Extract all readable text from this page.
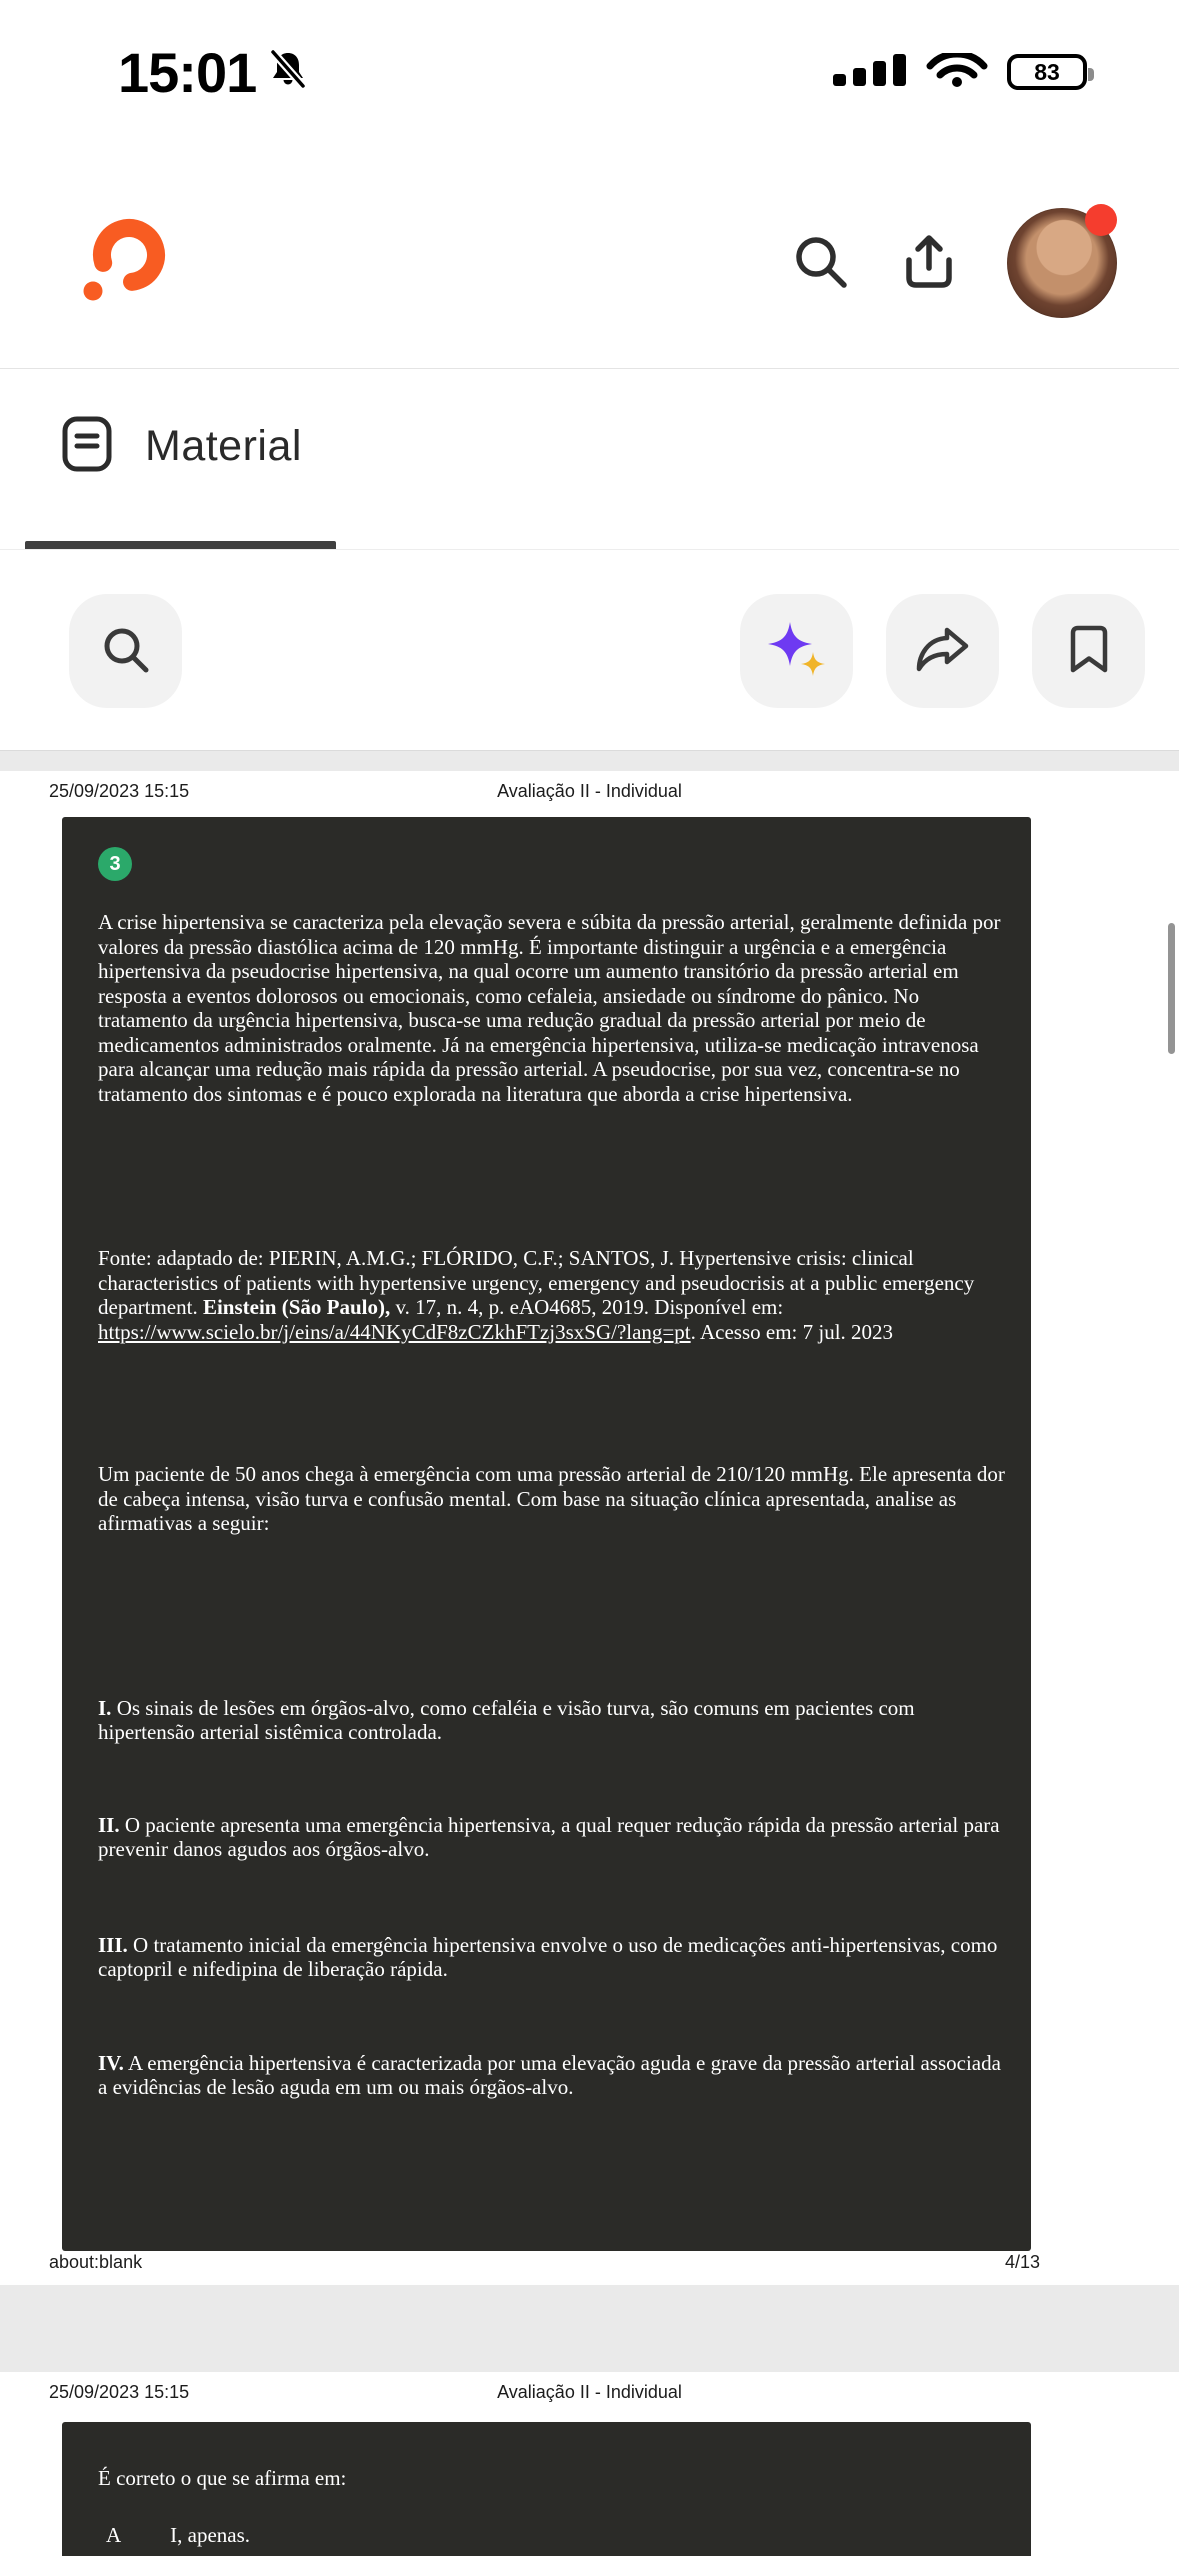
15:01	83
Material
25/09/2023 15:15	Avaliação II - Individual
3

A crise hipertensiva se caracteriza pela elevação severa e súbita da pressão arterial, geralmente definida por valores da pressão diastólica acima de 120 mmHg. É importante distinguir a urgência e a emergência hipertensiva da pseudocrise hipertensiva, na qual ocorre um aumento transitório da pressão arterial em resposta a eventos dolorosos ou emocionais, como cefaleia, ansiedade ou síndrome do pânico. No tratamento da urgência hipertensiva, busca-se uma redução gradual da pressão arterial por meio de medicamentos administrados oralmente. Já na emergência hipertensiva, utiliza-se medicação intravenosa para alcançar uma redução mais rápida da pressão arterial. A pseudocrise, por sua vez, concentra-se no tratamento dos sintomas e é pouco explorada na literatura que aborda a crise hipertensiva.

Fonte: adaptado de: PIERIN, A.M.G.; FLÓRIDO, C.F.; SANTOS, J. Hypertensive crisis: clinical characteristics of patients with hypertensive urgency, emergency and pseudocrisis at a public emergency department. Einstein (São Paulo), v. 17, n. 4, p. eAO4685, 2019. Disponível em: https://www.scielo.br/j/eins/a/44NKyCdF8zCZkhFTzj3sxSG/?lang=pt. Acesso em: 7 jul. 2023

Um paciente de 50 anos chega à emergência com uma pressão arterial de 210/120 mmHg. Ele apresenta dor de cabeça intensa, visão turva e confusão mental. Com base na situação clínica apresentada, analise as afirmativas a seguir:

I. Os sinais de lesões em órgãos-alvo, como cefaléia e visão turva, são comuns em pacientes com hipertensão arterial sistêmica controlada.

II. O paciente apresenta uma emergência hipertensiva, a qual requer redução rápida da pressão arterial para prevenir danos agudos aos órgãos-alvo.

III. O tratamento inicial da emergência hipertensiva envolve o uso de medicações anti-hipertensivas, como captopril e nifedipina de liberação rápida.

IV. A emergência hipertensiva é caracterizada por uma elevação aguda e grave da pressão arterial associada a evidências de lesão aguda em um ou mais órgãos-alvo.

about:blank	4/13
25/09/2023 15:15	Avaliação II - Individual

É correto o que se afirma em:

A I, apenas.
